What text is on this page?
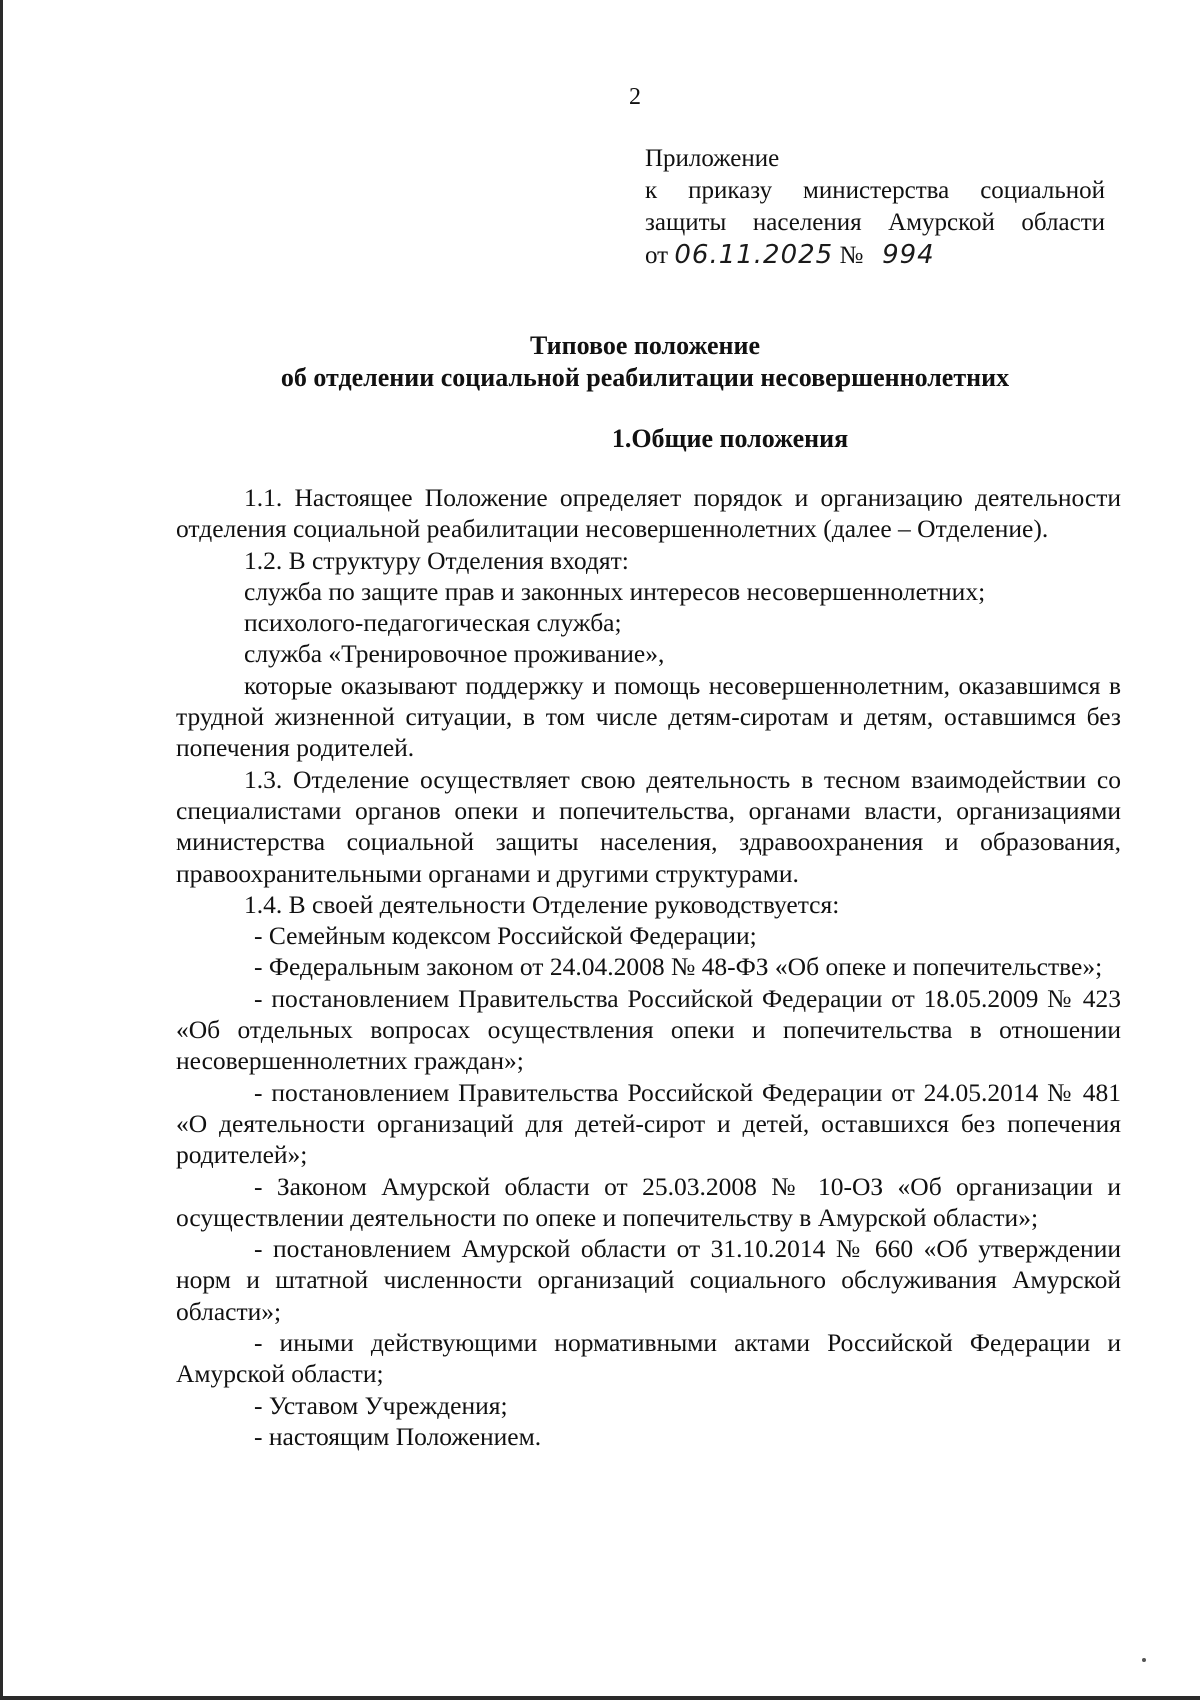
2
Приложение
к приказу министерства социальной
защиты населения Амурской области
от 06.11.2025 № 994
Типовое положение
об отделении социальной реабилитации несовершеннолетних
1.Общие положения

1.1. Настоящее Положение определяет порядок и организацию деятельности отделения социальной реабилитации несовершеннолетних (далее – Отделение).

1.2. В структуру Отделения входят:

служба по защите прав и законных интересов несовершеннолетних;

психолого-педагогическая служба;

служба «Тренировочное проживание»,

которые оказывают поддержку и помощь несовершеннолетним, оказавшимся в трудной жизненной ситуации, в том числе детям-сиротам и детям, оставшимся без попечения родителей.

1.3. Отделение осуществляет свою деятельность в тесном взаимодействии со специалистами органов опеки и попечительства, органами власти, организациями министерства социальной защиты населения, здравоохранения и образования, правоохранительными органами и другими структурами.

1.4. В своей деятельности Отделение руководствуется:

- Семейным кодексом Российской Федерации;

- Федеральным законом от 24.04.2008 № 48-ФЗ «Об опеке и попечительстве»;

- постановлением Правительства Российской Федерации от 18.05.2009 № 423 «Об отдельных вопросах осуществления опеки и попечительства в отношении несовершеннолетних граждан»;

- постановлением Правительства Российской Федерации от 24.05.2014 № 481 «О деятельности организаций для детей-сирот и детей, оставшихся без попечения родителей»;

- Законом Амурской области от 25.03.2008 № 10-ОЗ «Об организации и осуществлении деятельности по опеке и попечительству в Амурской области»;

- постановлением Амурской области от 31.10.2014 № 660 «Об утверждении норм и штатной численности организаций социального обслуживания Амурской области»;

- иными действующими нормативными актами Российской Федерации и Амурской области;

- Уставом Учреждения;

- настоящим Положением.
